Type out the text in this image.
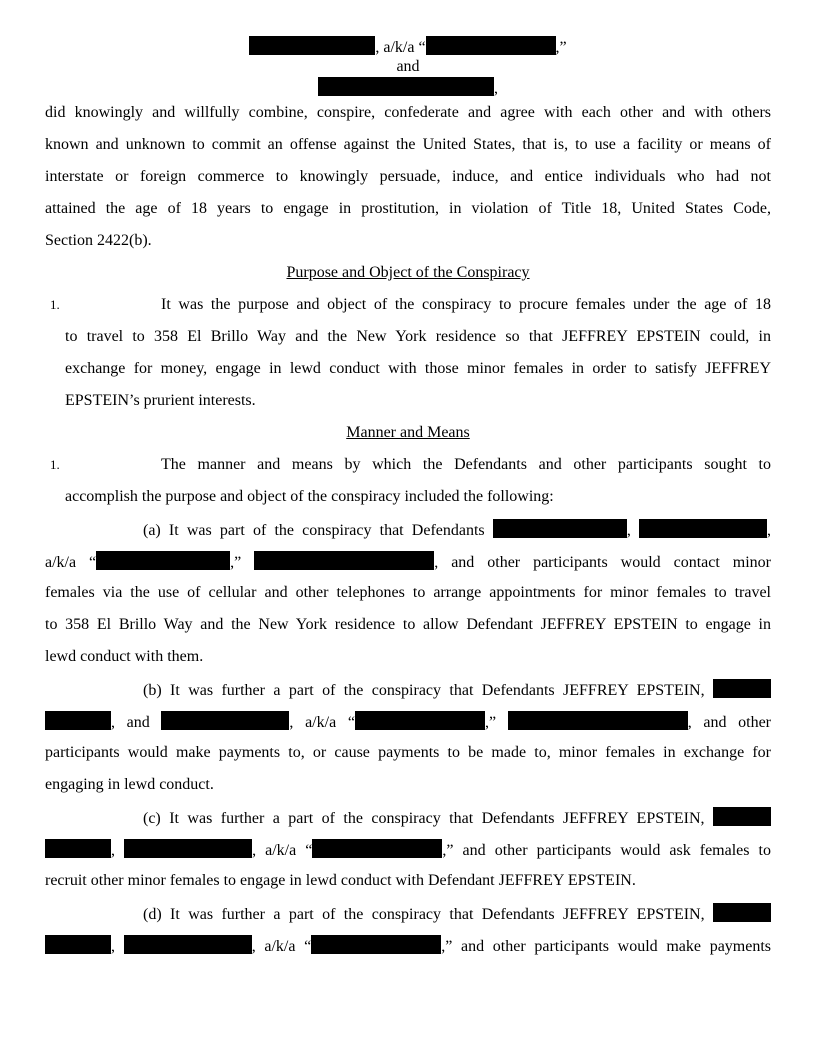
, a/k/a “	,”
and
,
did knowingly and willfully combine, conspire, confederate and agree with each other and with others
known and unknown to commit an offense against the United States, that is, to use a facility or means of
interstate or foreign commerce to knowingly persuade, induce, and entice individuals who had not
attained the age of 18 years to engage in prostitution, in violation of Title 18, United States Code,
Section 2422(b).
Purpose and Object of the Conspiracy
1.	It was the purpose and object of the conspiracy to procure females under the age of 18
to travel to 358 El Brillo Way and the New York residence so that JEFFREY EPSTEIN could, in
exchange for money, engage in lewd conduct with those minor females in order to satisfy JEFFREY
EPSTEIN’s prurient interests.
Manner and Means
1.	The manner and means by which the Defendants and other participants sought to
accomplish the purpose and object of the conspiracy included the following:
(a) It was part of the conspiracy that Defendants	,	,
a/k/a “	,”	, and other participants would contact minor
females via the use of cellular and other telephones to arrange appointments for minor females to travel
to 358 El Brillo Way and the New York residence to allow Defendant JEFFREY EPSTEIN to engage in
lewd conduct with them.
(b) It was further a part of the conspiracy that Defendants JEFFREY EPSTEIN,
, and	, a/k/a “	,”	, and other
participants would make payments to, or cause payments to be made to, minor females in exchange for
engaging in lewd conduct.
(c) It was further a part of the conspiracy that Defendants JEFFREY EPSTEIN,
,	, a/k/a “	,” and other participants would ask females to
recruit other minor females to engage in lewd conduct with Defendant JEFFREY EPSTEIN.
(d) It was further a part of the conspiracy that Defendants JEFFREY EPSTEIN,
,	, a/k/a “	,” and other participants would make payments
